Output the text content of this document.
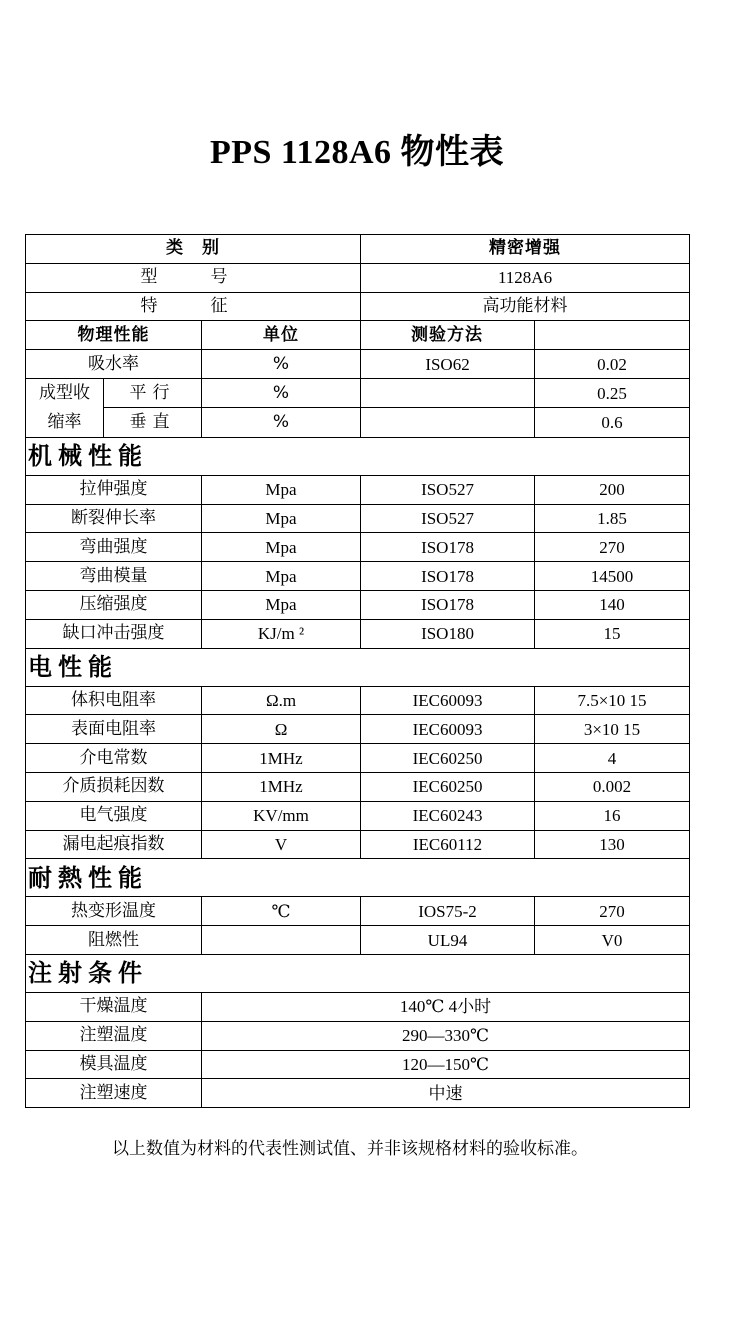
PPS 1128A6 物性表
类　别			精密增强	
型　号			1128A6	
特　征			高功能材料	
物理性能		单位	测验方法	
吸水率		%	ISO62	0.02

成型收
缩率	平行	%		0.25
	垂直	%		0.6
机械性能				
拉伸强度		Mpa	ISO527	200
断裂伸长率		Mpa	ISO527	1.85
弯曲强度		Mpa	ISO178	270
弯曲模量		Mpa	ISO178	14500
压缩强度		Mpa	ISO178	140
缺口冲击强度		KJ/m ²	ISO180	15
电性能				
体积电阻率		Ω.m	IEC60093	7.5×10 15
表面电阻率		Ω	IEC60093	3×10 15
介电常数		1MHz	IEC60250	4
介质损耗因数		1MHz	IEC60250	0.002
电气强度		KV/mm	IEC60243	16
漏电起痕指数		V	IEC60112	130
耐熱性能				
热变形温度		℃	IOS75-2	270
阻燃性			UL94	V0
注射条件				
干燥温度		140℃ 4小时		
注塑温度		290—330℃		
模具温度		120—150℃		
注塑速度		中速		
以上数值为材料的代表性测试值、并非该规格材料的验收标准。
